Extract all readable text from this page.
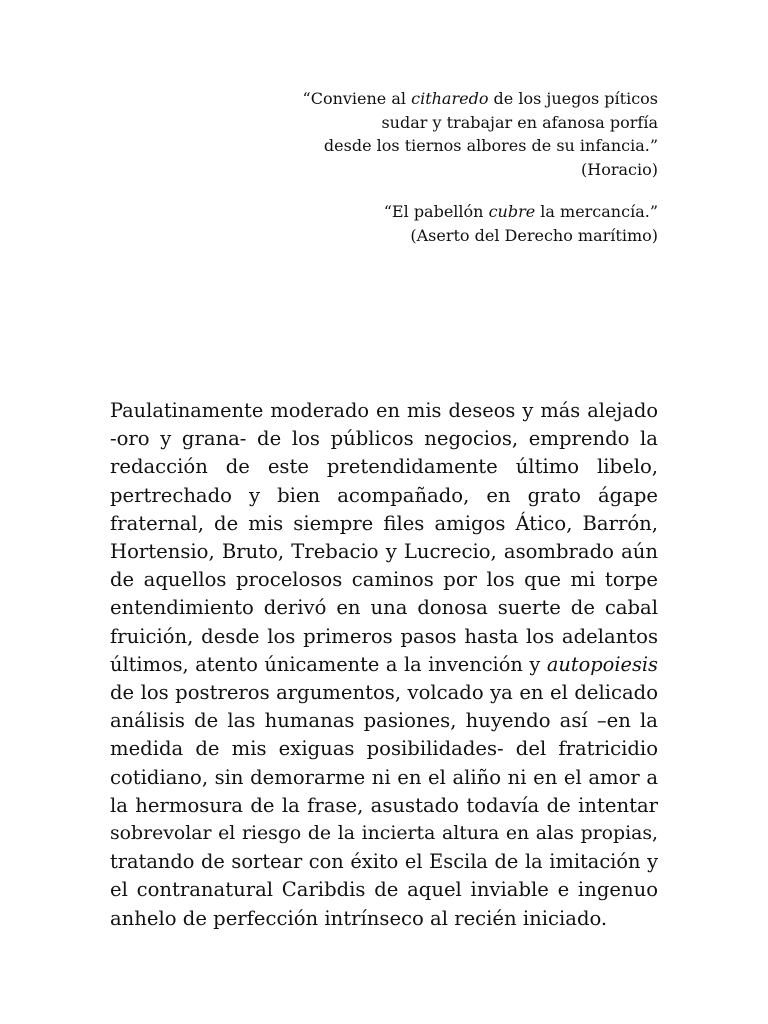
“Conviene al citharedo de los juegos píticos
sudar y trabajar en afanosa porfía
desde los tiernos albores de su infancia.”
(Horacio)
“El pabellón cubre la mercancía.”
(Aserto del Derecho marítimo)
Paulatinamente moderado en mis deseos y más alejado
-oro y grana- de los públicos negocios, emprendo la
redacción de este pretendidamente último libelo,
pertrechado y bien acompañado, en grato ágape
fraternal, de mis siempre files amigos Ático, Barrón,
Hortensio, Bruto, Trebacio y Lucrecio, asombrado aún
de aquellos procelosos caminos por los que mi torpe
entendimiento derivó en una donosa suerte de cabal
fruición, desde los primeros pasos hasta los adelantos
últimos, atento únicamente a la invención y autopoiesis
de los postreros argumentos, volcado ya en el delicado
análisis de las humanas pasiones, huyendo así –en la
medida de mis exiguas posibilidades- del fratricidio
cotidiano, sin demorarme ni en el aliño ni en el amor a
la hermosura de la frase, asustado todavía de intentar
sobrevolar el riesgo de la incierta altura en alas propias,
tratando de sortear con éxito el Escila de la imitación y
el contranatural Caribdis de aquel inviable e ingenuo
anhelo de perfección intrínseco al recién iniciado.
